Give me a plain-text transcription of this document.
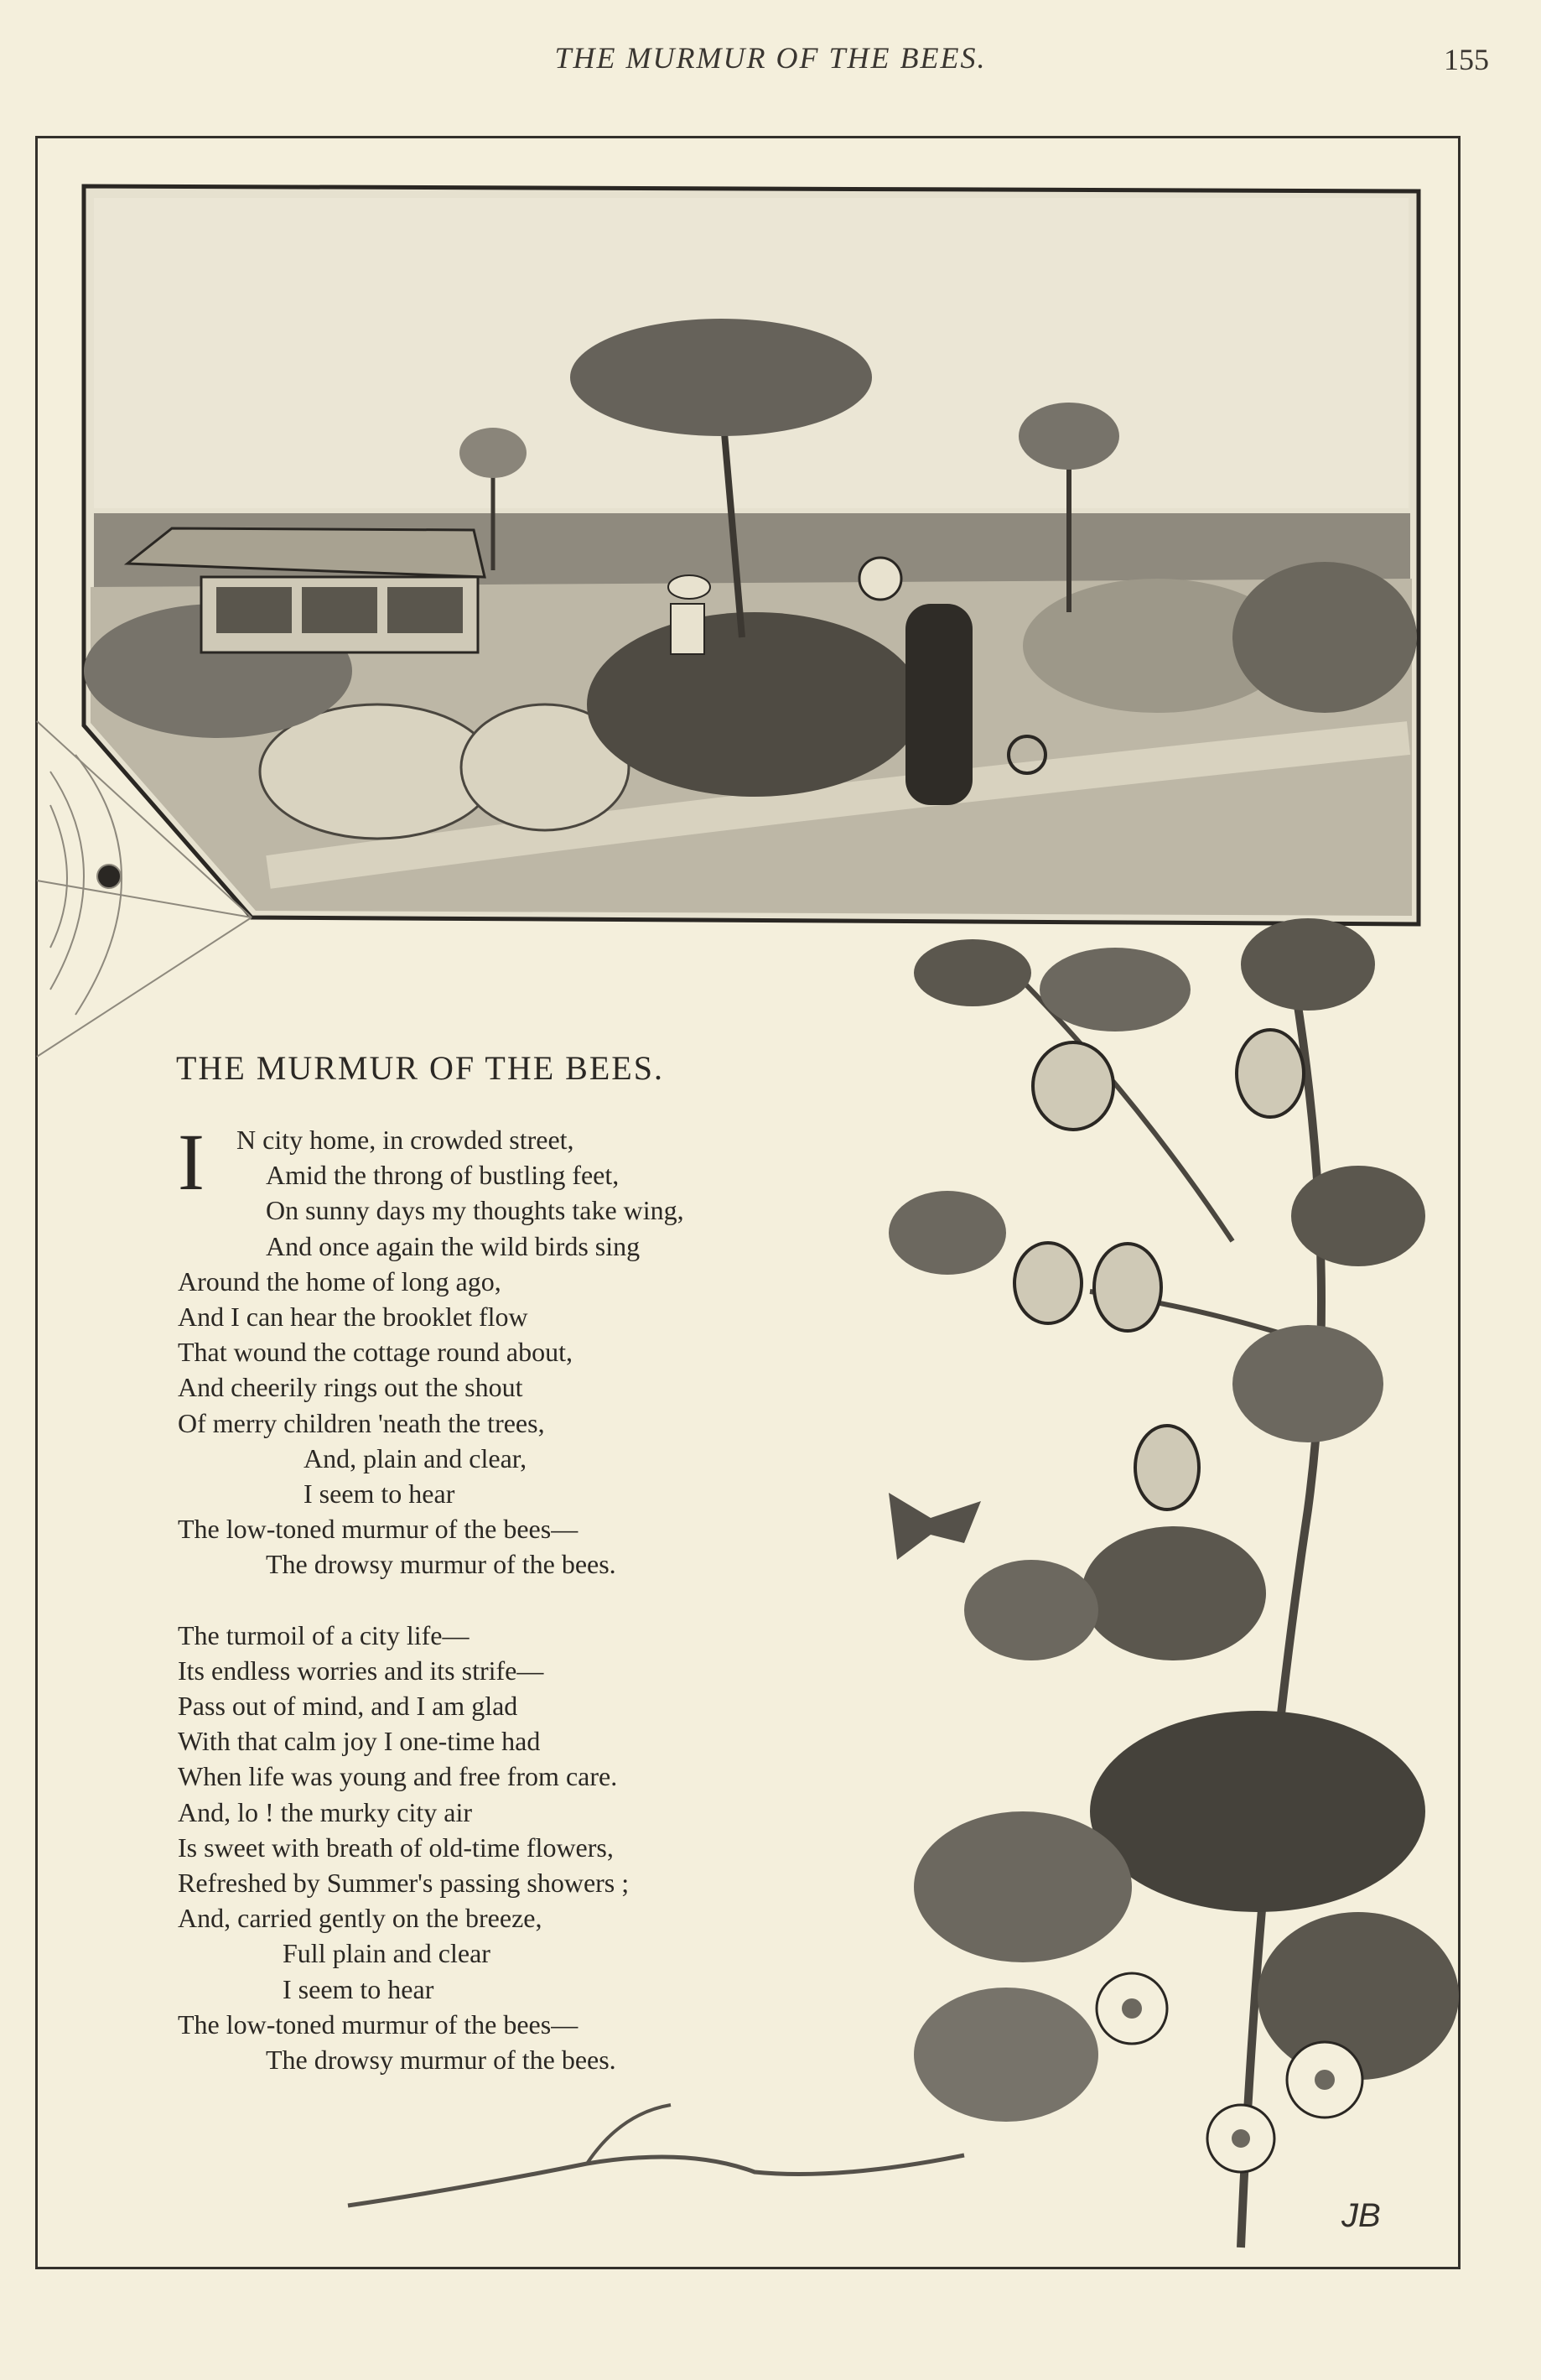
THE MURMUR OF THE BEES.	155
THE MURMUR OF THE BEES.
I	N city home, in crowded street,
Amid the throng of bustling feet,
On sunny days my thoughts take wing,
And once again the wild birds sing
Around the home of long ago,
And I can hear the brooklet flow
That wound the cottage round about,
And cheerily rings out the shout
Of merry children 'neath the trees,
And, plain and clear,
I seem to hear
The low-toned murmur of the bees—
The drowsy murmur of the bees.
The turmoil of a city life—
Its endless worries and its strife—
Pass out of mind, and I am glad
With that calm joy I one-time had
When life was young and free from care.
And, lo ! the murky city air
Is sweet with breath of old-time flowers,
Refreshed by Summer's passing showers ;
And, carried gently on the breeze,
Full plain and clear
I seem to hear
The low-toned murmur of the bees—
The drowsy murmur of the bees.
JB
